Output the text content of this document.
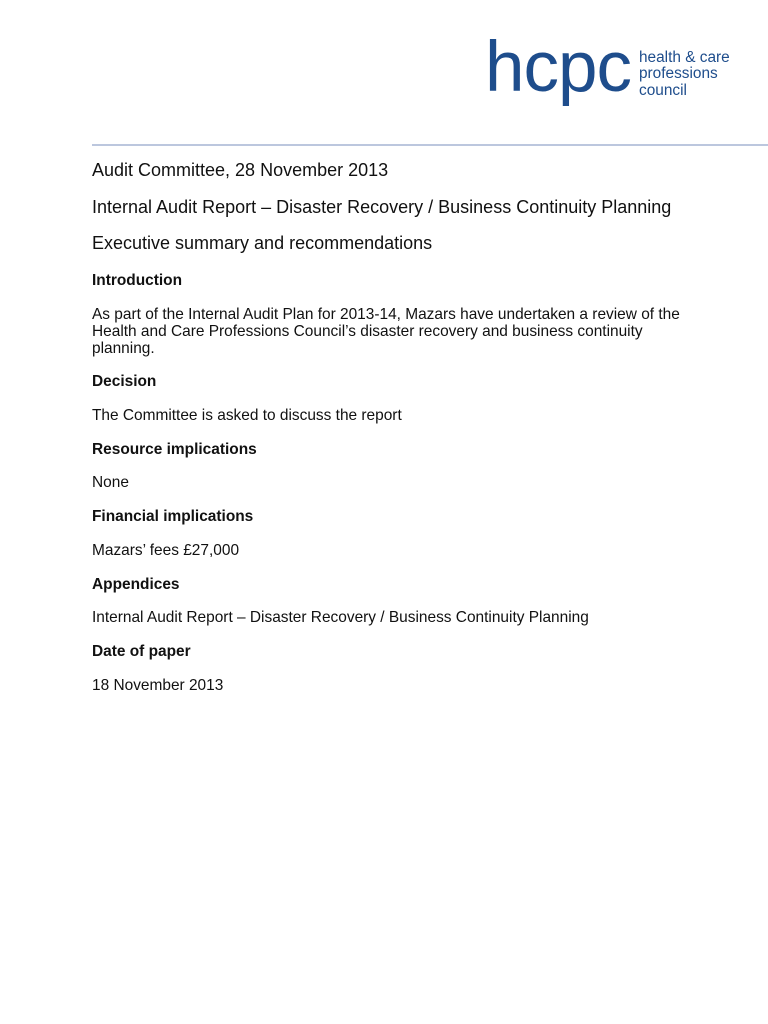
hcpc health & care
professions
council
Audit Committee, 28 November 2013
Internal Audit Report – Disaster Recovery / Business Continuity Planning
Executive summary and recommendations
Introduction
As part of the Internal Audit Plan for 2013-14, Mazars have undertaken a review of the
Health and Care Professions Council’s disaster recovery and business continuity
planning.
Decision
The Committee is asked to discuss the report
Resource implications
None
Financial implications
Mazars’ fees £27,000
Appendices
Internal Audit Report – Disaster Recovery / Business Continuity Planning
Date of paper
18 November 2013
